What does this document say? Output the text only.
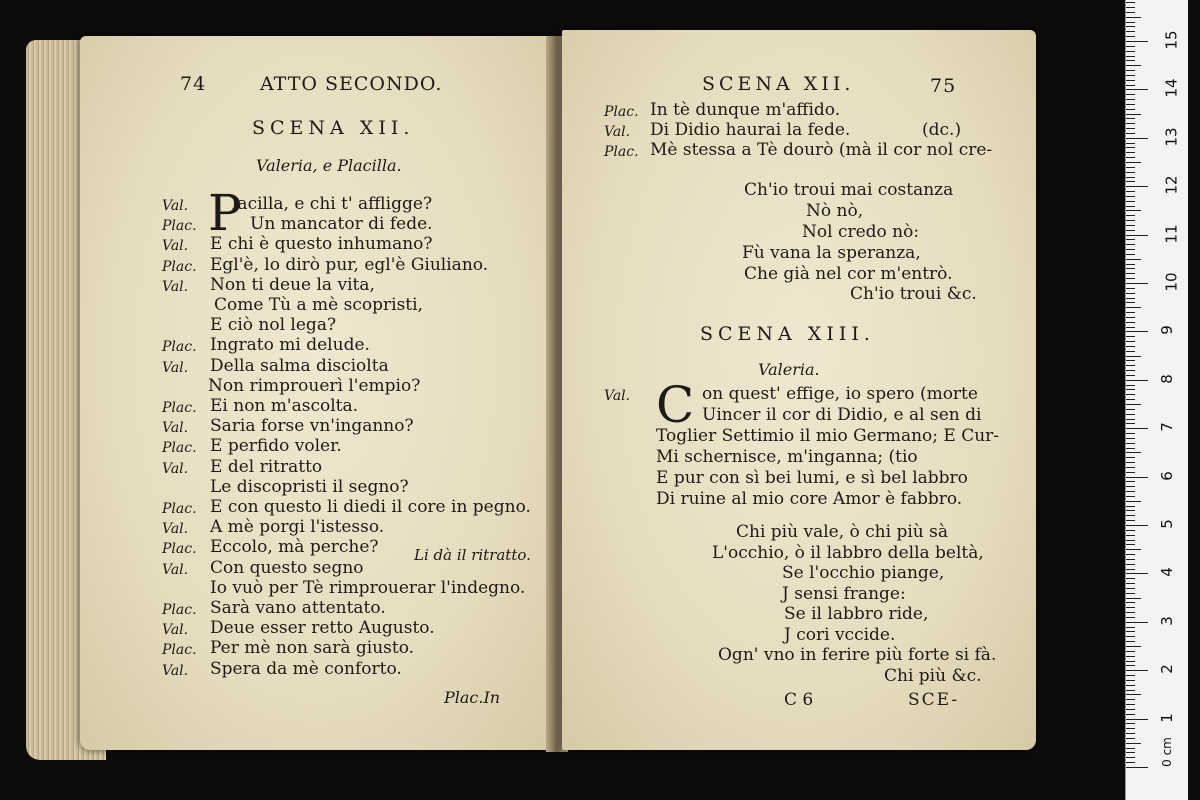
74	ATTO SECONDO.
SCENA XII.
Valeria, e Placilla.
P
Val.	lacilla, e chi t' affligge?
Plac.	Un mancator di fede.
Val. E chi è questo inhumano?
Plac. Egl'è, lo dirò pur, egl'è Giuliano.
Val. Non ti deue la vita,
Come Tù a mè scopristi,
E ciò nol lega?
Plac. Ingrato mi delude.
Val. Della salma disciolta
Non rimprouerì l'empio?
Plac. Ei non m'ascolta.
Val. Saria forse vn'inganno?
Plac. E perfido voler.
Val. E del ritratto
Le discopristi il segno?
Plac. E con questo li diedi il core in pegno.
Val. A mè porgi l'istesso.
Plac. Eccolo, mà perche?
Val. Con questo segno
Io vuò per Tè rimprouerar l'indegno.
Plac. Sarà vano attentato.
Val. Deue esser retto Augusto.
Plac. Per mè non sarà giusto.
Val. Spera da mè conforto.
Li dà il ritratto.
Plac.In
SCENA XII.	75
Plac. In tè dunque m'affido.
Val. Di Didio haurai la fede.
Plac. Mè stessa a Tè dourò (mà il cor nol cre-
(dc.)
Ch'io troui mai costanza
Nò nò,
Nol credo nò:
Fù vana la speranza,
Che già nel cor m'entrò.
Ch'io troui &c.
SCENA XIII.
Valeria.
Val. C on quest' effige, io spero (morte
Uincer il cor di Didio, e al sen di
Toglier Settimio il mio Germano; E Cur-
Mi schernisce, m'inganna; (tio
E pur con sì bei lumi, e sì bel labbro
Di ruine al mio core Amor è fabbro.
Chi più vale, ò chi più sà
L'occhio, ò il labbro della beltà,
Se l'occhio piange,
J sensi frange:
Se il labbro ride,
J cori vccide.
Ogn' vno in ferire più forte si fà.
Chi più &c.
C 6	SCE-
0 cm
1
2
3
4
5
6
7
8
9
10
11
12
13
14
15
